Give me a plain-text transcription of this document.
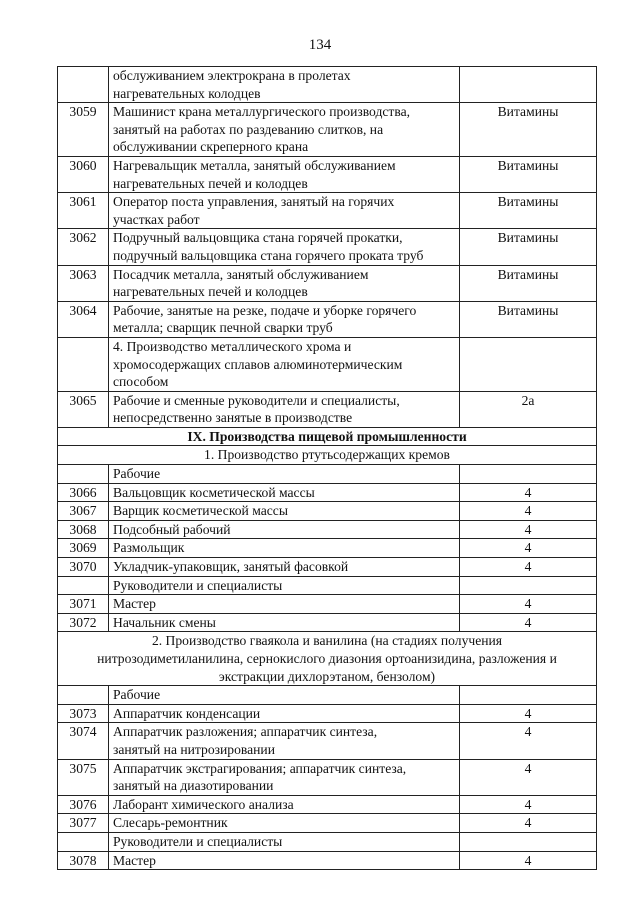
134

	обслуживанием электрокрана в пролетах
нагревательных колодцев	

3059	Машинист крана металлургического производства,
занятый на работах по раздеванию слитков, на
обслуживании скреперного крана	Витамины
3060	Нагревальщик металла, занятый обслуживанием
нагревательных печей и колодцев	Витамины
3061	Оператор поста управления, занятый на горячих
участках работ	Витамины
3062	Подручный вальцовщика стана горячей прокатки,
подручный вальцовщика стана горячего проката труб	Витамины
3063	Посадчик металла, занятый обслуживанием
нагревательных печей и колодцев	Витамины
3064	Рабочие, занятые на резке, подаче и уборке горячего
металла; сварщик печной сварки труб	Витамины

	4. Производство металлического хрома и
хромосодержащих сплавов алюминотермическим
способом	

3065	Рабочие и сменные руководители и специалисты,
непосредственно занятые в производстве	2а

IX. Производства пищевой промышленности		

1. Производство ртутьсодержащих кремов		

	Рабочие	

3066	Вальцовщик косметической массы	4
3067	Варщик косметической массы	4
3068	Подсобный рабочий	4
3069	Размольщик	4
3070	Укладчик-упаковщик, занятый фасовкой	4

	Руководители и специалисты	

3071	Мастер	4
3072	Начальник смены	4

2. Производство гваякола и ванилина (на стадиях получения
нитрозодиметиланилина, сернокислого диазония ортоанизидина, разложения и
экстракции дихлорэтаном, бензолом)		

	Рабочие	

3073	Аппаратчик конденсации	4
3074	Аппаратчик разложения; аппаратчик синтеза,
занятый на нитрозировании	4
3075	Аппаратчик экстрагирования; аппаратчик синтеза,
занятый на диазотировании	4
3076	Лаборант химического анализа	4
3077	Слесарь-ремонтник	4

	Руководители и специалисты	

3078	Мастер	4
